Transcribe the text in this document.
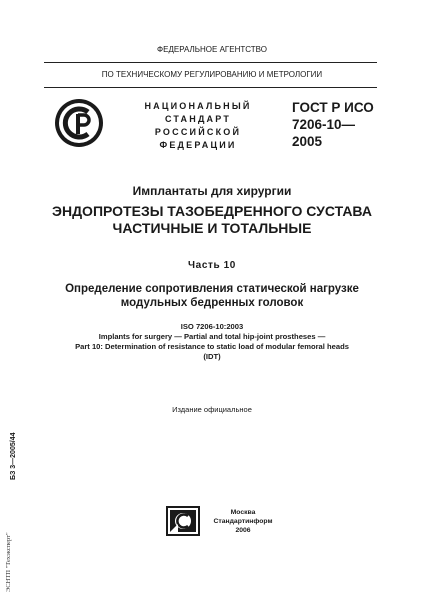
ФЕДЕРАЛЬНОЕ АГЕНТСТВО
ПО ТЕХНИЧЕСКОМУ РЕГУЛИРОВАНИЮ И МЕТРОЛОГИИ
НАЦИОНАЛЬНЫЙ
СТАНДАРТ
РОССИЙСКОЙ
ФЕДЕРАЦИИ
ГОСТ Р ИСО
7206-10—
2005
Имплантаты для хирургии
ЭНДОПРОТЕЗЫ ТАЗОБЕДРЕННОГО СУСТАВА
ЧАСТИЧНЫЕ И ТОТАЛЬНЫЕ
Часть 10
Определение сопротивления статической нагрузке
модульных бедренных головок
ISO 7206-10:2003
Implants for surgery — Partial and total hip-joint prostheses —
Part 10: Determination of resistance to static load of modular femoral heads
(IDT)
Издание официальное
БЗ 3—2005/44
ЭСНТП "Техэксперт"
Москва
Стандартинформ
2006
